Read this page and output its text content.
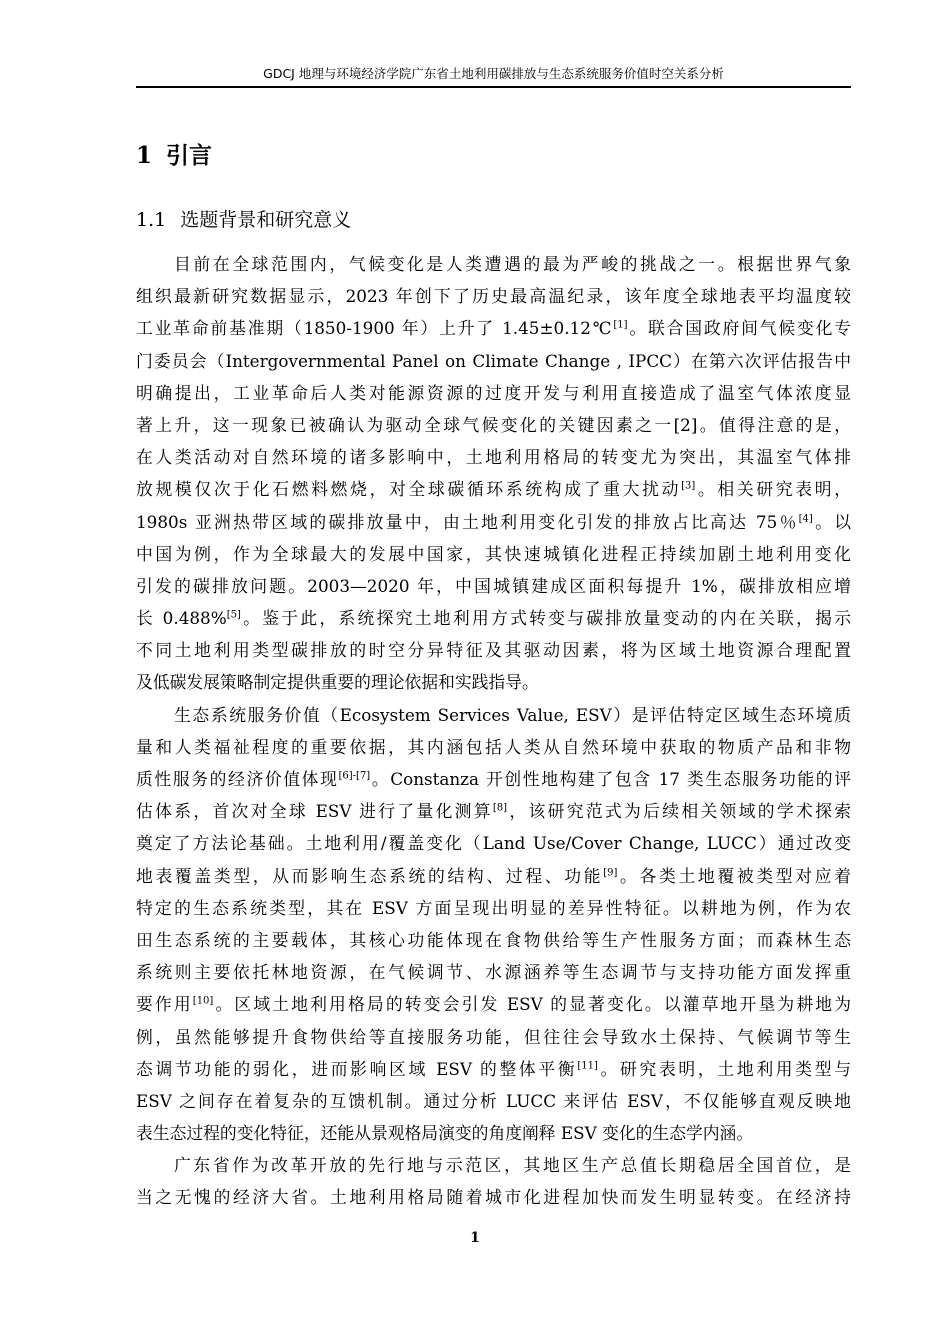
GDCJ 地理与环境经济学院广东省土地利用碳排放与生态系统服务价值时空关系分析
1 引言
1.1 选题背景和研究意义
目前在全球范围内，气候变化是人类遭遇的最为严峻的挑战之一。根据世界气象
组织最新研究数据显示，2023 年创下了历史最高温纪录，该年度全球地表平均温度较
工业革命前基准期（1850-1900 年）上升了 1.45±0.12℃[1]。联合国政府间气候变化专
门委员会（Intergovernmental Panel on Climate Change , IPCC）在第六次评估报告中
明确提出，工业革命后人类对能源资源的过度开发与利用直接造成了温室气体浓度显
著上升，这一现象已被确认为驱动全球气候变化的关键因素之一[2]。值得注意的是，
在人类活动对自然环境的诸多影响中，土地利用格局的转变尤为突出，其温室气体排
放规模仅次于化石燃料燃烧，对全球碳循环系统构成了重大扰动[3]。相关研究表明，
1980s 亚洲热带区域的碳排放量中，由土地利用变化引发的排放占比高达 75％[4]。以
中国为例，作为全球最大的发展中国家，其快速城镇化进程正持续加剧土地利用变化
引发的碳排放问题。2003—2020 年，中国城镇建成区面积每提升 1%，碳排放相应增
长 0.488%[5]。鉴于此，系统探究土地利用方式转变与碳排放量变动的内在关联，揭示
不同土地利用类型碳排放的时空分异特征及其驱动因素，将为区域土地资源合理配置
及低碳发展策略制定提供重要的理论依据和实践指导。
生态系统服务价值（Ecosystem Services Value, ESV）是评估特定区域生态环境质
量和人类福祉程度的重要依据，其内涵包括人类从自然环境中获取的物质产品和非物
质性服务的经济价值体现[6]-[7]。Constanza 开创性地构建了包含 17 类生态服务功能的评
估体系，首次对全球 ESV 进行了量化测算[8]，该研究范式为后续相关领域的学术探索
奠定了方法论基础。土地利用/覆盖变化（Land Use/Cover Change, LUCC）通过改变
地表覆盖类型，从而影响生态系统的结构、过程、功能[9]。各类土地覆被类型对应着
特定的生态系统类型，其在 ESV 方面呈现出明显的差异性特征。以耕地为例，作为农
田生态系统的主要载体，其核心功能体现在食物供给等生产性服务方面；而森林生态
系统则主要依托林地资源，在气候调节、水源涵养等生态调节与支持功能方面发挥重
要作用[10]。区域土地利用格局的转变会引发 ESV 的显著变化。以灌草地开垦为耕地为
例，虽然能够提升食物供给等直接服务功能，但往往会导致水土保持、气候调节等生
态调节功能的弱化，进而影响区域 ESV 的整体平衡[11]。研究表明，土地利用类型与
ESV 之间存在着复杂的互馈机制。通过分析 LUCC 来评估 ESV，不仅能够直观反映地
表生态过程的变化特征，还能从景观格局演变的角度阐释 ESV 变化的生态学内涵。
广东省作为改革开放的先行地与示范区，其地区生产总值长期稳居全国首位，是
当之无愧的经济大省。土地利用格局随着城市化进程加快而发生明显转变。在经济持
1
